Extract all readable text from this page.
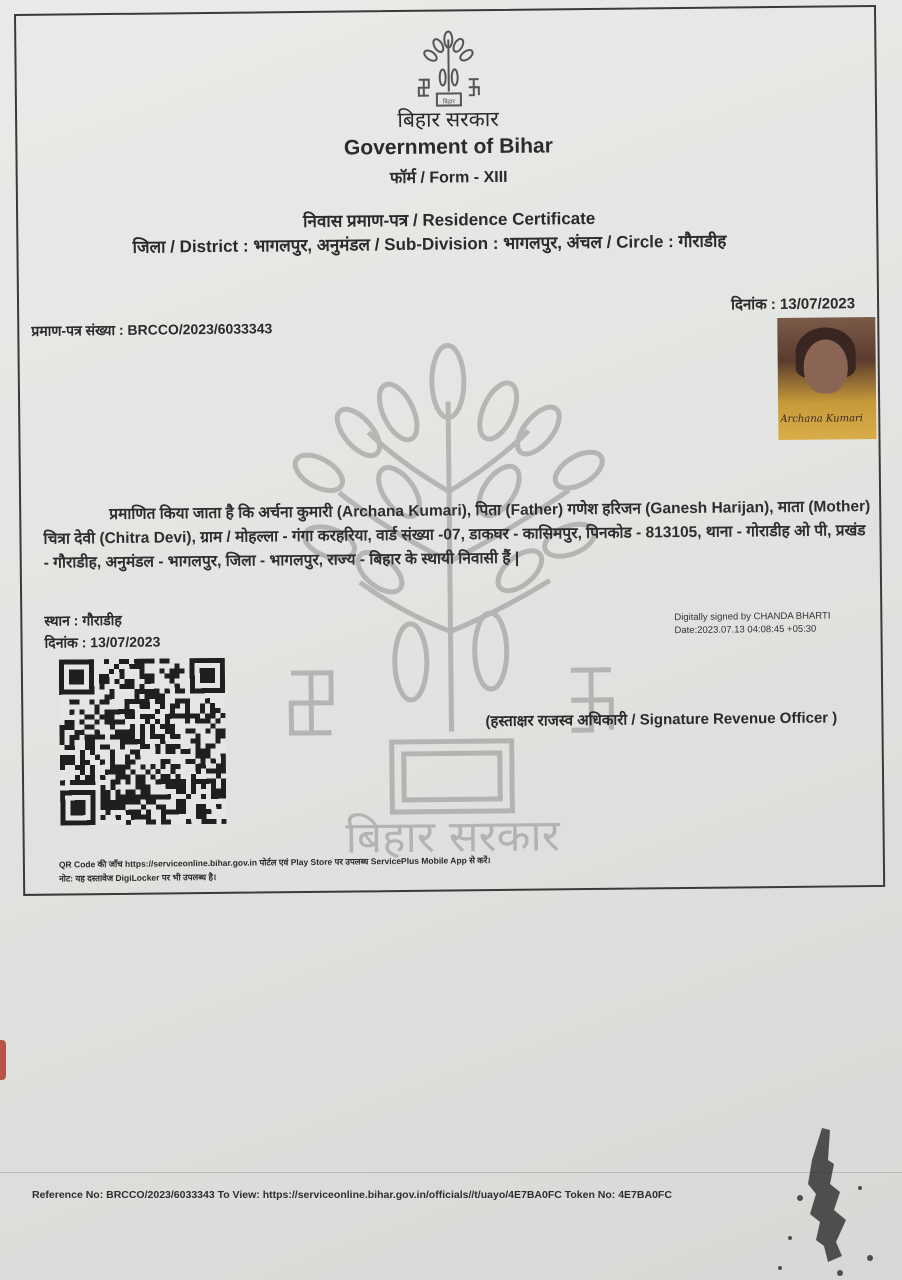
बिहार सरकार
बिहार
बिहार सरकार
Government of Bihar
फॉर्म / Form - XIII
निवास प्रमाण-पत्र / Residence Certificate
जिला / District : भागलपुर, अनुमंडल / Sub-Division : भागलपुर, अंचल / Circle : गौराडीह
प्रमाण-पत्र संख्या : BRCCO/2023/6033343
दिनांक : 13/07/2023
Archana Kumari
प्रमाणित किया जाता है कि अर्चना कुमारी (Archana Kumari), पिता (Father) गणेश हरिजन (Ganesh Harijan), माता (Mother) चित्रा देवी (Chitra Devi), ग्राम / मोहल्ला - गंगा करहरिया, वार्ड संख्या -07, डाकघर - कासिमपुर, पिनकोड - 813105, थाना - गोराडीह ओ पी, प्रखंड - गौराडीह, अनुमंडल - भागलपुर, जिला - भागलपुर, राज्य - बिहार के स्थायी निवासी हैं |
स्थान : गौराडीह
दिनांक : 13/07/2023
Digitally signed by CHANDA BHARTI
Date:2023.07.13 04:08:45 +05:30
(हस्ताक्षर राजस्व अधिकारी / Signature Revenue Officer )
QR Code की जाँच https://serviceonline.bihar.gov.in पोर्टल एवं Play Store पर उपलब्ध ServicePlus Mobile App से करें।
नोट: यह दस्तावेज DigiLocker पर भी उपलब्ध है।
Reference No: BRCCO/2023/6033343 To View: https://serviceonline.bihar.gov.in/officials//t/uayo/4E7BA0FC Token No: 4E7BA0FC
